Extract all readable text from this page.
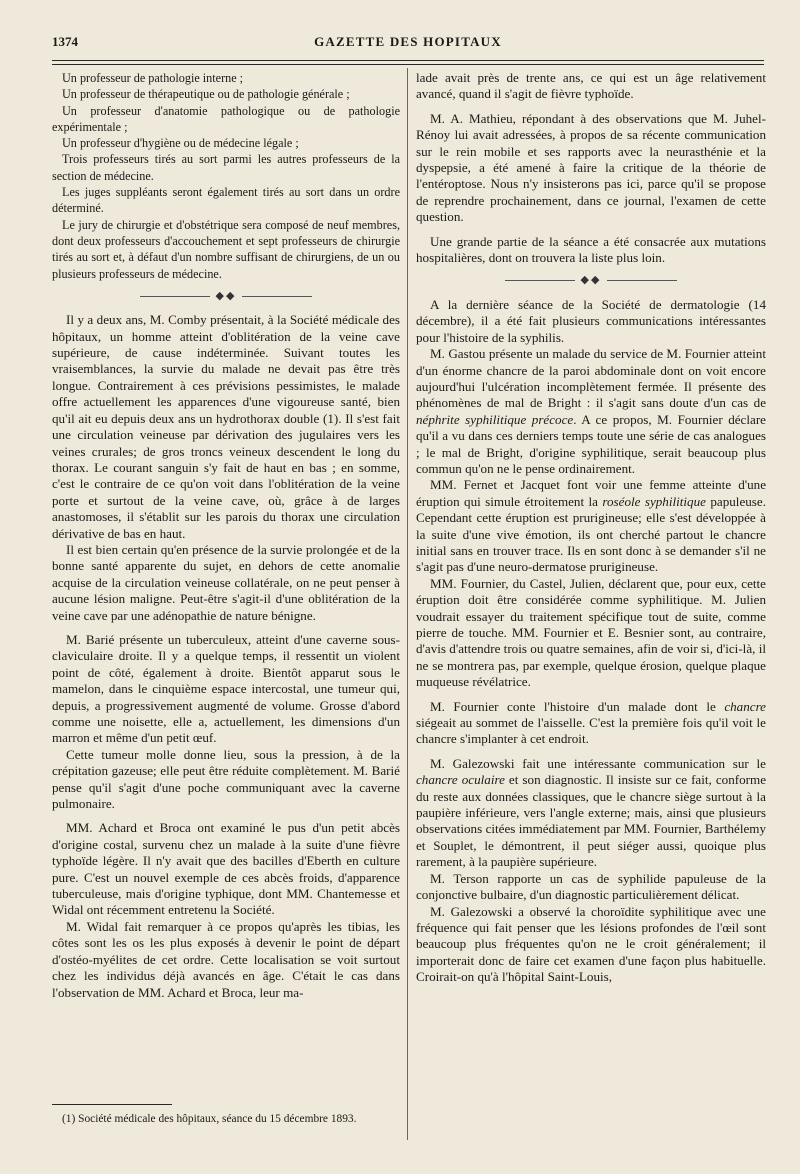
1374	GAZETTE DES HOPITAUX

Un professeur de pathologie interne ;

Un professeur de thérapeutique ou de pathologie générale ;

Un professeur d'anatomie pathologique ou de pathologie expérimentale ;

Un professeur d'hygiène ou de médecine légale ;

Trois professeurs tirés au sort parmi les autres professeurs de la section de médecine.

Les juges suppléants seront également tirés au sort dans un ordre déterminé.

Le jury de chirurgie et d'obstétrique sera composé de neuf membres, dont deux professeurs d'accouchement et sept professeurs de chirurgie tirés au sort et, à défaut d'un nombre suffisant de chirurgiens, de un ou plusieurs professeurs de médecine.

◆◆

Il y a deux ans, M. Comby présentait, à la Société médicale des hôpitaux, un homme atteint d'oblitération de la veine cave supérieure, de cause indéterminée. Suivant toutes les vraisemblances, la survie du malade ne devait pas être très longue. Contrairement à ces prévisions pessimistes, le malade offre actuellement les apparences d'une vigoureuse santé, bien qu'il ait eu depuis deux ans un hydrothorax double (1). Il s'est fait une circulation veineuse par dérivation des jugulaires vers les veines crurales; de gros troncs veineux descendent le long du thorax. Le courant sanguin s'y fait de haut en bas ; en somme, c'est le contraire de ce qu'on voit dans l'oblitération de la veine porte et surtout de la veine cave, où, grâce à de larges anastomoses, il s'établit sur les parois du thorax une circulation dérivative de bas en haut.

Il est bien certain qu'en présence de la survie prolongée et de la bonne santé apparente du sujet, en dehors de cette anomalie acquise de la circulation veineuse collatérale, on ne peut penser à aucune lésion maligne. Peut-être s'agit-il d'une oblitération de la veine cave par une adénopathie de nature bénigne.

M. Barié présente un tuberculeux, atteint d'une caverne sous-claviculaire droite. Il y a quelque temps, il ressentit un violent point de côté, également à droite. Bientôt apparut sous le mamelon, dans le cinquième espace intercostal, une tumeur qui, depuis, a progressivement augmenté de volume. Grosse d'abord comme une noisette, elle a, actuellement, les dimensions d'un marron et même d'un petit œuf.

Cette tumeur molle donne lieu, sous la pression, à de la crépitation gazeuse; elle peut être réduite complètement. M. Barié pense qu'il s'agit d'une poche communiquant avec la caverne pulmonaire.

MM. Achard et Broca ont examiné le pus d'un petit abcès d'origine costal, survenu chez un malade à la suite d'une fièvre typhoïde légère. Il n'y avait que des bacilles d'Eberth en culture pure. C'est un nouvel exemple de ces abcès froids, d'apparence tuberculeuse, mais d'origine typhique, dont MM. Chantemesse et Widal ont récemment entretenu la Société.

M. Widal fait remarquer à ce propos qu'après les tibias, les côtes sont les os les plus exposés à devenir le point de départ d'ostéo-myélites de cet ordre. Cette localisation se voit surtout chez les individus déjà avancés en âge. C'était le cas dans l'observation de MM. Achard et Broca, leur ma-

(1) Société médicale des hôpitaux, séance du 15 décembre 1893.

lade avait près de trente ans, ce qui est un âge relativement avancé, quand il s'agit de fièvre typhoïde.

M. A. Mathieu, répondant à des observations que M. Juhel-Rénoy lui avait adressées, à propos de sa récente communication sur le rein mobile et ses rapports avec la neurasthénie et la dyspepsie, a été amené à faire la critique de la théorie de l'entéroptose. Nous n'y insisterons pas ici, parce qu'il se propose de reprendre prochainement, dans ce journal, l'examen de cette question.

Une grande partie de la séance a été consacrée aux mutations hospitalières, dont on trouvera la liste plus loin.

◆◆

A la dernière séance de la Société de dermatologie (14 décembre), il a été fait plusieurs communications intéressantes pour l'histoire de la syphilis.

M. Gastou présente un malade du service de M. Fournier atteint d'un énorme chancre de la paroi abdominale dont on voit encore aujourd'hui l'ulcération incomplètement fermée. Il présente des phénomènes de mal de Bright : il s'agit sans doute d'un cas de néphrite syphilitique précoce. A ce propos, M. Fournier déclare qu'il a vu dans ces derniers temps toute une série de cas analogues ; le mal de Bright, d'origine syphilitique, serait beaucoup plus commun qu'on ne le pense ordinairement.

MM. Fernet et Jacquet font voir une femme atteinte d'une éruption qui simule étroitement la roséole syphilitique papuleuse. Cependant cette éruption est prurigineuse; elle s'est développée à la suite d'une vive émotion, ils ont cherché partout le chancre initial sans en trouver trace. Ils en sont donc à se demander s'il ne s'agit pas d'une neuro-dermatose prurigineuse.

MM. Fournier, du Castel, Julien, déclarent que, pour eux, cette éruption doit être considérée comme syphilitique. M. Julien voudrait essayer du traitement spécifique tout de suite, comme pierre de touche. MM. Fournier et E. Besnier sont, au contraire, d'avis d'attendre trois ou quatre semaines, afin de voir si, d'ici-là, il ne se montrera pas, par exemple, quelque érosion, quelque plaque muqueuse révélatrice.

M. Fournier conte l'histoire d'un malade dont le chancre siégeait au sommet de l'aisselle. C'est la première fois qu'il voit le chancre s'implanter à cet endroit.

M. Galezowski fait une intéressante communication sur le chancre oculaire et son diagnostic. Il insiste sur ce fait, conforme du reste aux données classiques, que le chancre siège surtout à la paupière inférieure, vers l'angle externe; mais, ainsi que plusieurs observations citées immédiatement par MM. Fournier, Barthélemy et Souplet, le démontrent, il peut siéger aussi, quoique plus rarement, à la paupière supérieure.

M. Terson rapporte un cas de syphilide papuleuse de la conjonctive bulbaire, d'un diagnostic particulièrement délicat.

M. Galezowski a observé la choroïdite syphilitique avec une fréquence qui fait penser que les lésions profondes de l'œil sont beaucoup plus fréquentes qu'on ne le croit généralement; il importerait donc de faire cet examen d'une façon plus habituelle. Croirait-on qu'à l'hôpital Saint-Louis,
